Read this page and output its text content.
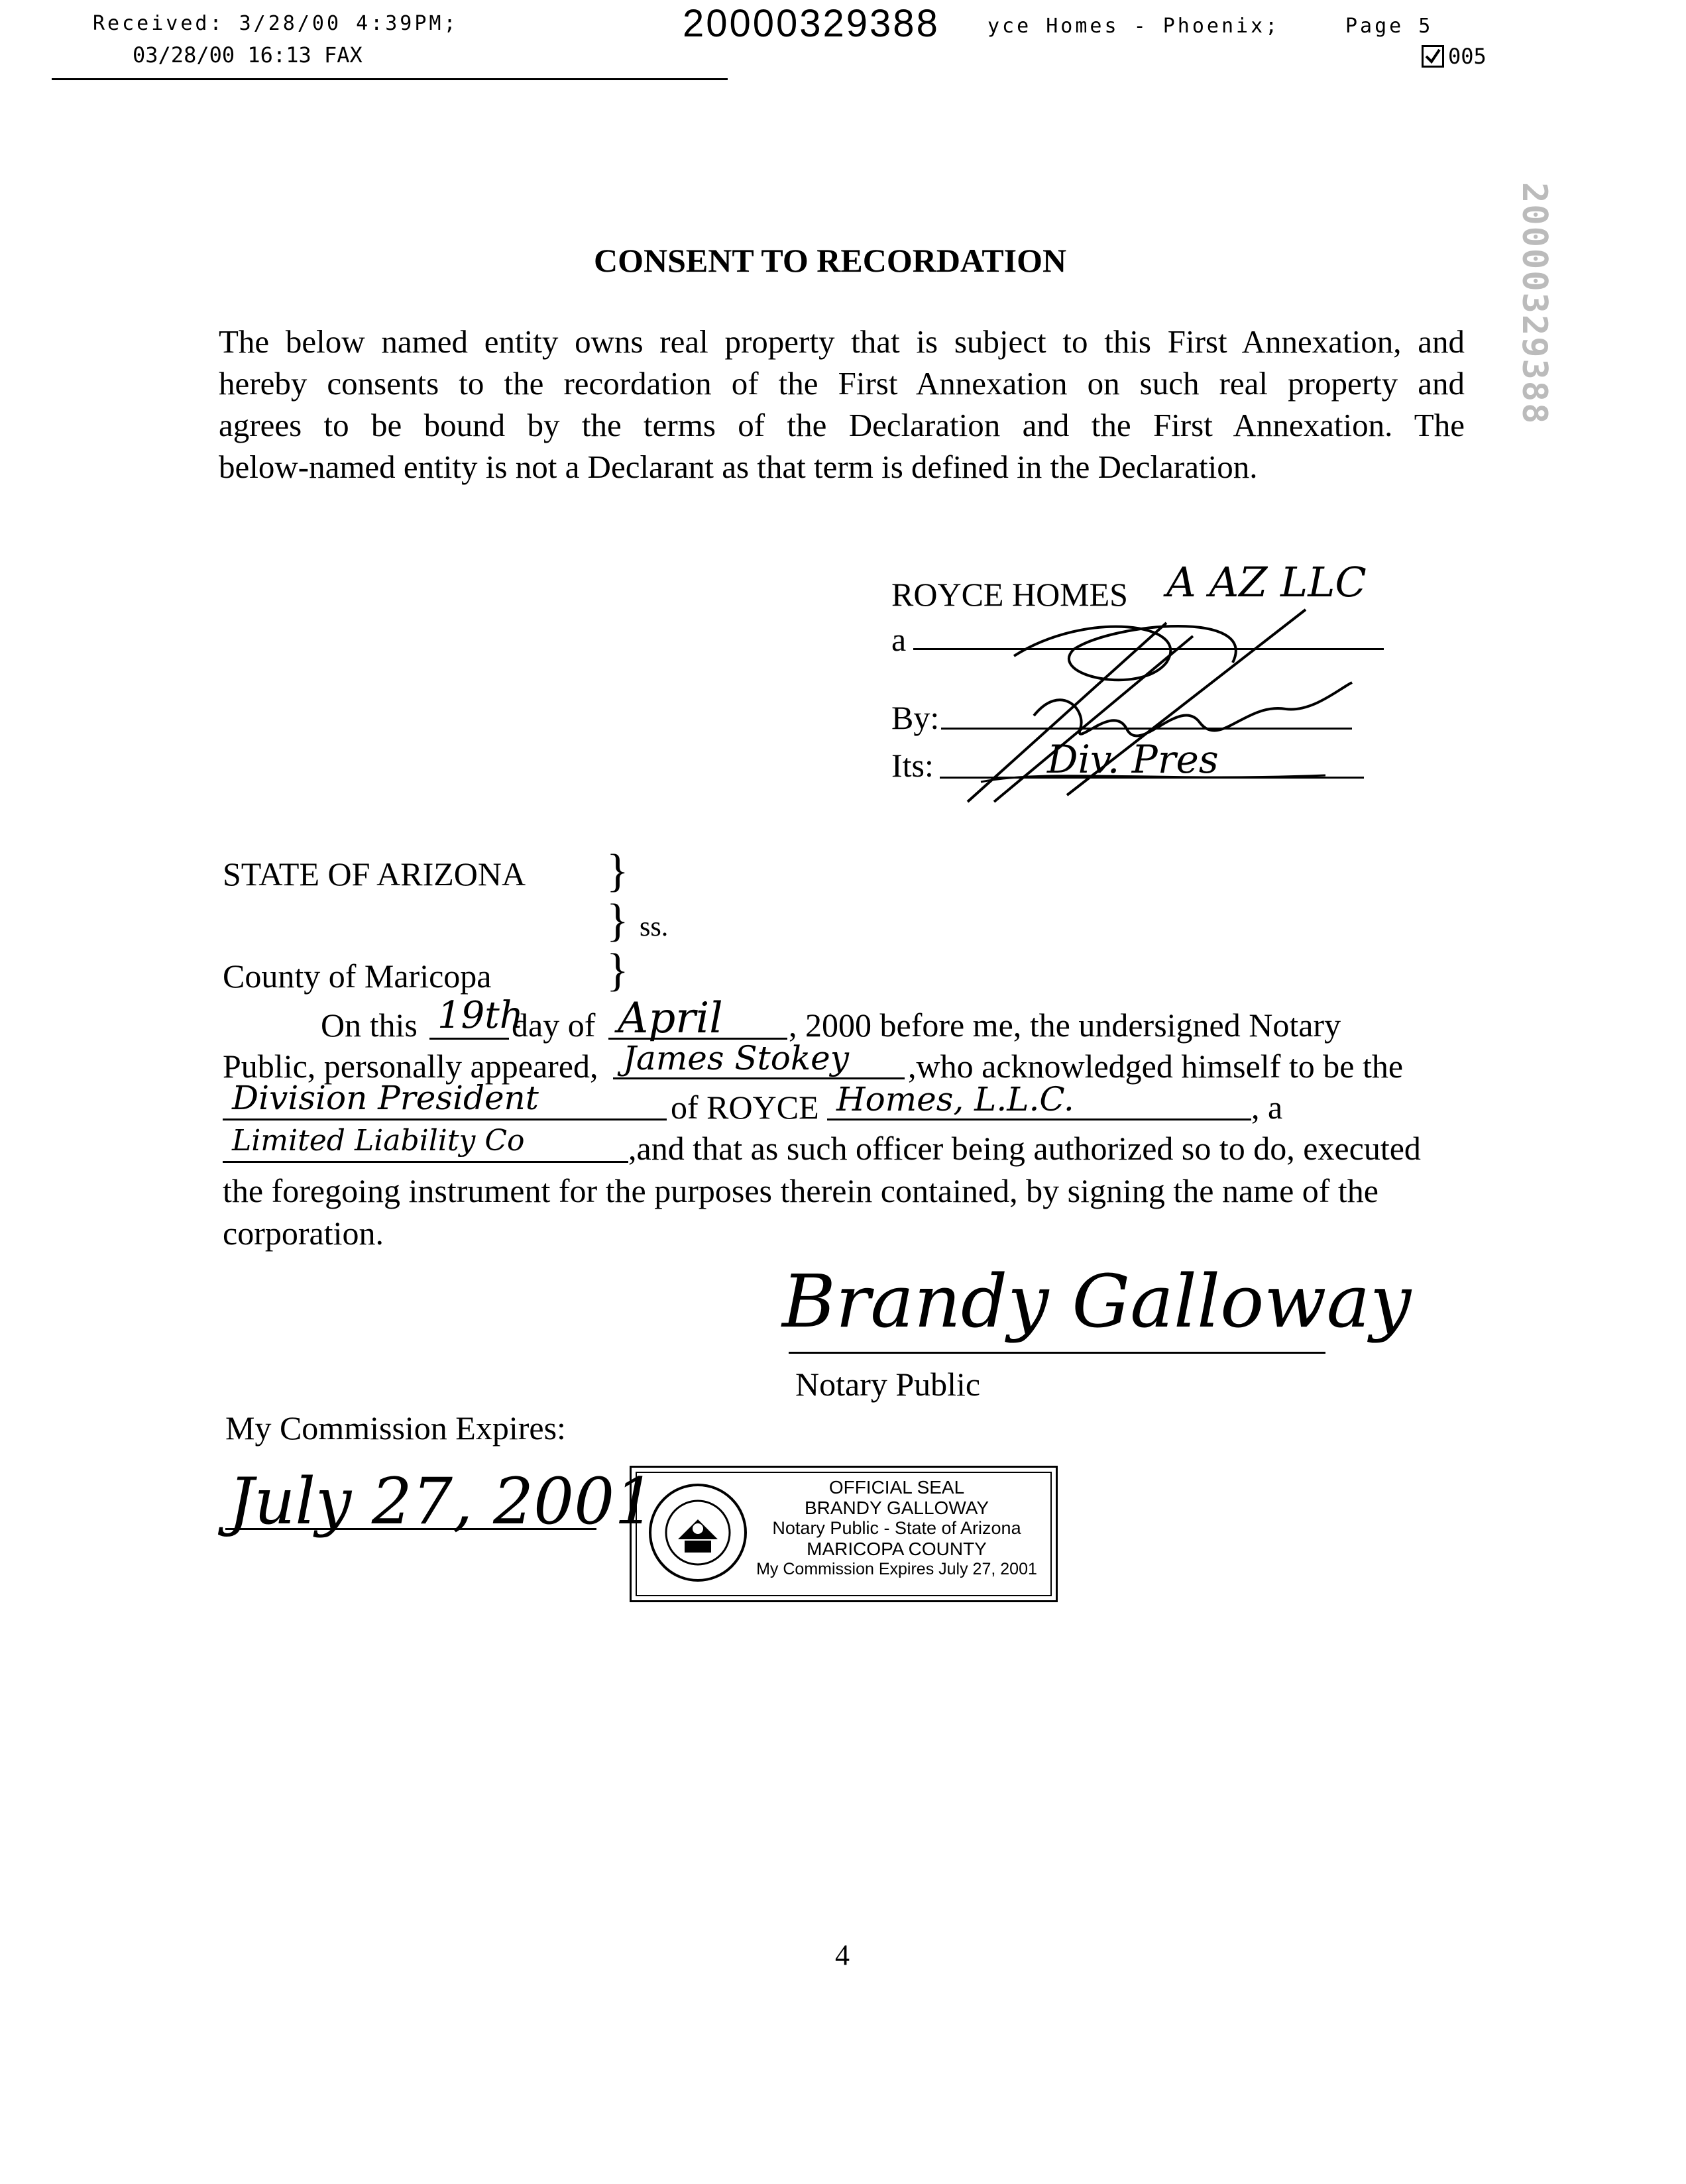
Received: 3/28/00 4:39PM;	20000329388 yce Homes - Phoenix;	Page 5
03/28/00 16:13 FAX	005
20000329388
CONSENT TO RECORDATION
The below named entity owns real property that is subject to this First Annexation, and
hereby consents to the recordation of the First Annexation on such real property and
agrees to be bound by the terms of the Declaration and the First Annexation. The
below-named entity is not a Declarant as that term is defined in the Declaration.
ROYCE HOMES A AZ LLC
a
By:
Its:	Div. Pres
STATE OF ARIZONA }
} ss.
}
County of Maricopa
On this 19th
day of April , 2000 before me, the undersigned Notary
Public, personally appeared, James Stokey ,who acknowledged himself to be the
Division President	of ROYCE Homes, L.L.C.	, a
Limited Liability Co	,and that as such officer being authorized so to do, executed
the foregoing instrument for the purposes therein contained, by signing the name of the
corporation.
Brandy Galloway
Notary Public
My Commission Expires:
July 27, 2001	OFFICIAL SEAL
BRANDY GALLOWAY
Notary Public - State of Arizona
MARICOPA COUNTY
My Commission Expires July 27, 2001
4
